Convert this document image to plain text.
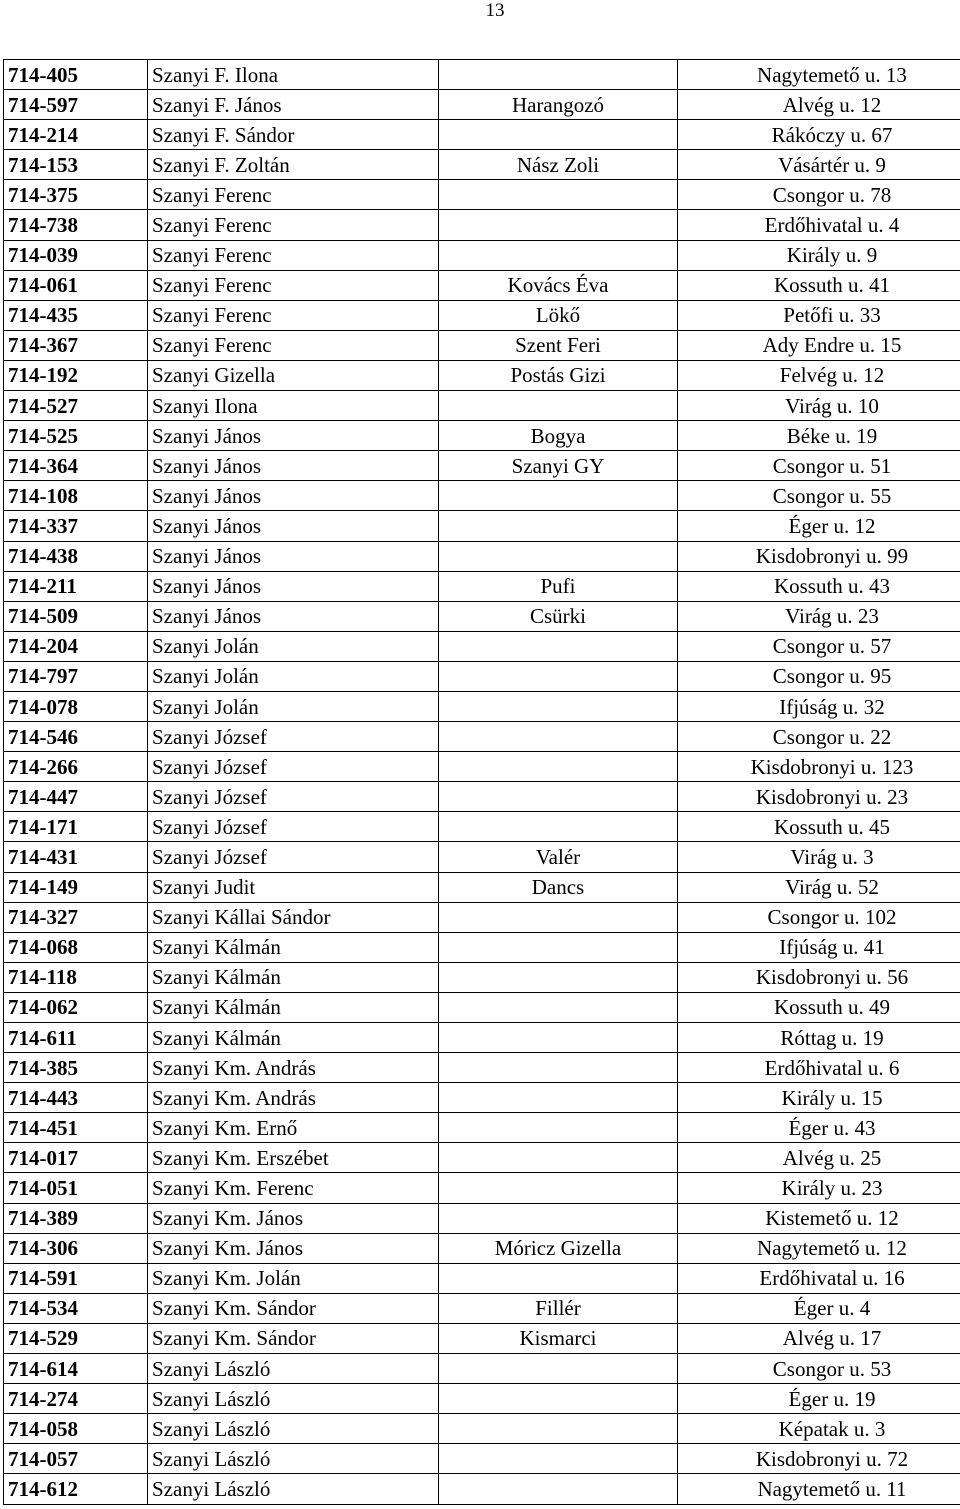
13
714-405	Szanyi F. Ilona		Nagytemető u. 13
714-597	Szanyi F. János	Harangozó	Alvég u. 12
714-214	Szanyi F. Sándor		Rákóczy u. 67
714-153	Szanyi F. Zoltán	Nász Zoli	Vásártér u. 9
714-375	Szanyi Ferenc		Csongor u. 78
714-738	Szanyi Ferenc		Erdőhivatal u. 4
714-039	Szanyi Ferenc		Király u. 9
714-061	Szanyi Ferenc	Kovács Éva	Kossuth u. 41
714-435	Szanyi Ferenc	Lökő	Petőfi u. 33
714-367	Szanyi Ferenc	Szent Feri	Ady Endre u. 15
714-192	Szanyi Gizella	Postás Gizi	Felvég u. 12
714-527	Szanyi Ilona		Virág u. 10
714-525	Szanyi János	Bogya	Béke u. 19
714-364	Szanyi János	Szanyi GY	Csongor u. 51
714-108	Szanyi János		Csongor u. 55
714-337	Szanyi János		Éger u. 12
714-438	Szanyi János		Kisdobronyi u. 99
714-211	Szanyi János	Pufi	Kossuth u. 43
714-509	Szanyi János	Csürki	Virág u. 23
714-204	Szanyi Jolán		Csongor u. 57
714-797	Szanyi Jolán		Csongor u. 95
714-078	Szanyi Jolán		Ifjúság u. 32
714-546	Szanyi József		Csongor u. 22
714-266	Szanyi József		Kisdobronyi u. 123
714-447	Szanyi József		Kisdobronyi u. 23
714-171	Szanyi József		Kossuth u. 45
714-431	Szanyi József	Valér	Virág u. 3
714-149	Szanyi Judit	Dancs	Virág u. 52
714-327	Szanyi Kállai Sándor		Csongor u. 102
714-068	Szanyi Kálmán		Ifjúság u. 41
714-118	Szanyi Kálmán		Kisdobronyi u. 56
714-062	Szanyi Kálmán		Kossuth u. 49
714-611	Szanyi Kálmán		Róttag u. 19
714-385	Szanyi Km. András		Erdőhivatal u. 6
714-443	Szanyi Km. András		Király u. 15
714-451	Szanyi Km. Ernő		Éger u. 43
714-017	Szanyi Km. Erszébet		Alvég u. 25
714-051	Szanyi Km. Ferenc		Király u. 23
714-389	Szanyi Km. János		Kistemető u. 12
714-306	Szanyi Km. János	Móricz Gizella	Nagytemető u. 12
714-591	Szanyi Km. Jolán		Erdőhivatal u. 16
714-534	Szanyi Km. Sándor	Fillér	Éger u. 4
714-529	Szanyi Km. Sándor	Kismarci	Alvég u. 17
714-614	Szanyi László		Csongor u. 53
714-274	Szanyi László		Éger u. 19
714-058	Szanyi László		Képatak u. 3
714-057	Szanyi László		Kisdobronyi u. 72
714-612	Szanyi László		Nagytemető u. 11
